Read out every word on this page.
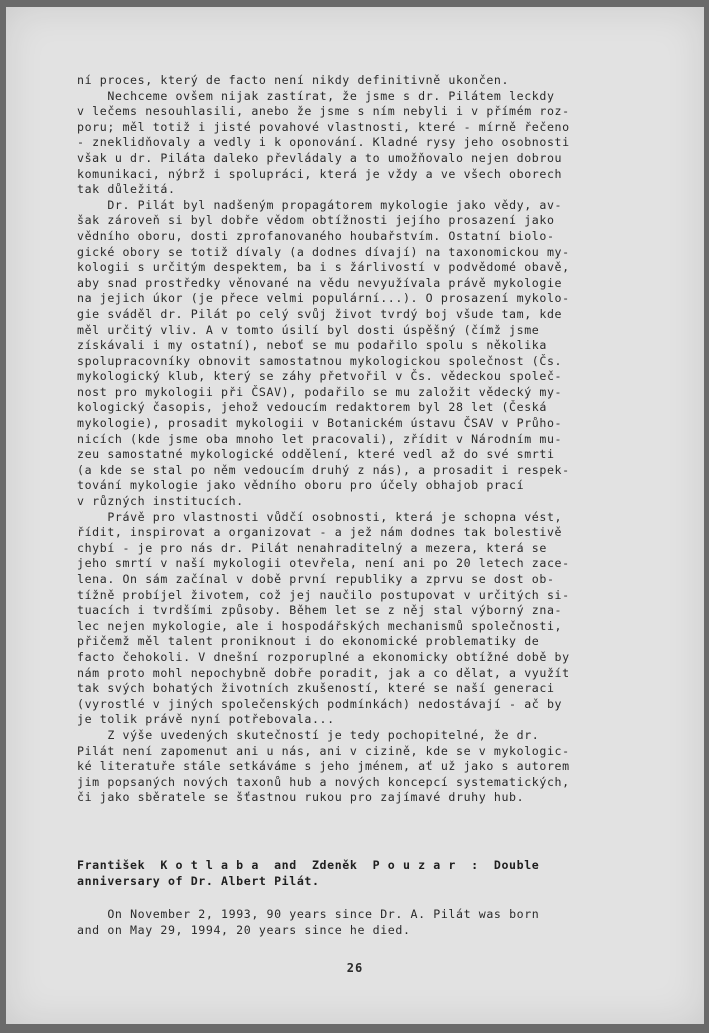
ní proces, který de facto není nikdy definitivně ukončen.
Nechceme ovšem nijak zastírat, že jsme s dr. Pilátem leckdy
v lečems nesouhlasili, anebo že jsme s ním nebyli i v přímém roz-
poru; měl totiž i jisté povahové vlastnosti, které - mírně řečeno
- zneklidňovaly a vedly i k oponování. Kladné rysy jeho osobnosti
však u dr. Piláta daleko převládaly a to umožňovalo nejen dobrou
komunikaci, nýbrž i spolupráci, která je vždy a ve všech oborech
tak důležitá.

Dr. Pilát byl nadšeným propagátorem mykologie jako vědy, av-
šak zároveň si byl dobře vědom obtížnosti jejího prosazení jako
vědního oboru, dosti zprofanovaného houbařstvím. Ostatní biolo-
gické obory se totiž dívaly (a dodnes dívají) na taxonomickou my-
kologii s určitým despektem, ba i s žárlivostí v podvědomé obavě,
aby snad prostředky věnované na vědu nevyužívala právě mykologie
na jejich úkor (je přece velmi populární...). O prosazení mykolo-
gie sváděl dr. Pilát po celý svůj život tvrdý boj všude tam, kde
měl určitý vliv. A v tomto úsilí byl dosti úspěšný (čímž jsme
získávali i my ostatní), neboť se mu podařilo spolu s několika
spolupracovníky obnovit samostatnou mykologickou společnost (Čs.
mykologický klub, který se záhy přetvořil v Čs. vědeckou společ-
nost pro mykologii při ČSAV), podařilo se mu založit vědecký my-
kologický časopis, jehož vedoucím redaktorem byl 28 let (Česká
mykologie), prosadit mykologii v Botanickém ústavu ČSAV v Průho-
nicích (kde jsme oba mnoho let pracovali), zřídit v Národním mu-
zeu samostatné mykologické oddělení, které vedl až do své smrti
(a kde se stal po něm vedoucím druhý z nás), a prosadit i respek-
tování mykologie jako vědního oboru pro účely obhajob prací
v různých institucích.

Právě pro vlastnosti vůdčí osobnosti, která je schopna vést,
řídit, inspirovat a organizovat - a jež nám dodnes tak bolestivě
chybí - je pro nás dr. Pilát nenahraditelný a mezera, která se
jeho smrtí v naší mykologii otevřela, není ani po 20 letech zace-
lena. On sám začínal v době první republiky a zprvu se dost ob-
tížně probíjel životem, což jej naučilo postupovat v určitých si-
tuacích i tvrdšími způsoby. Během let se z něj stal výborný zna-
lec nejen mykologie, ale i hospodářských mechanismů společnosti,
přičemž měl talent proniknout i do ekonomické problematiky de
facto čehokoli. V dnešní rozporuplné a ekonomicky obtížné době by
nám proto mohl nepochybně dobře poradit, jak a co dělat, a využít
tak svých bohatých životních zkušeností, které se naší generaci
(vyrostlé v jiných společenských podmínkách) nedostávají - ač by
je tolik právě nyní potřebovala...

Z výše uvedených skutečností je tedy pochopitelné, že dr.
Pilát není zapomenut ani u nás, ani v cizině, kde se v mykologic-
ké literatuře stále setkáváme s jeho jménem, ať už jako s autorem
jim popsaných nových taxonů hub a nových koncepcí systematických,
či jako sběratele se šťastnou rukou pro zajímavé druhy hub.

František  K o t l a b a  and  Zdeněk  P o u z a r  :  Double
anniversary of Dr. Albert Pilát.

On November 2, 1993, 90 years since Dr. A. Pilát was born
and on May 29, 1994, 20 years since he died.

26
